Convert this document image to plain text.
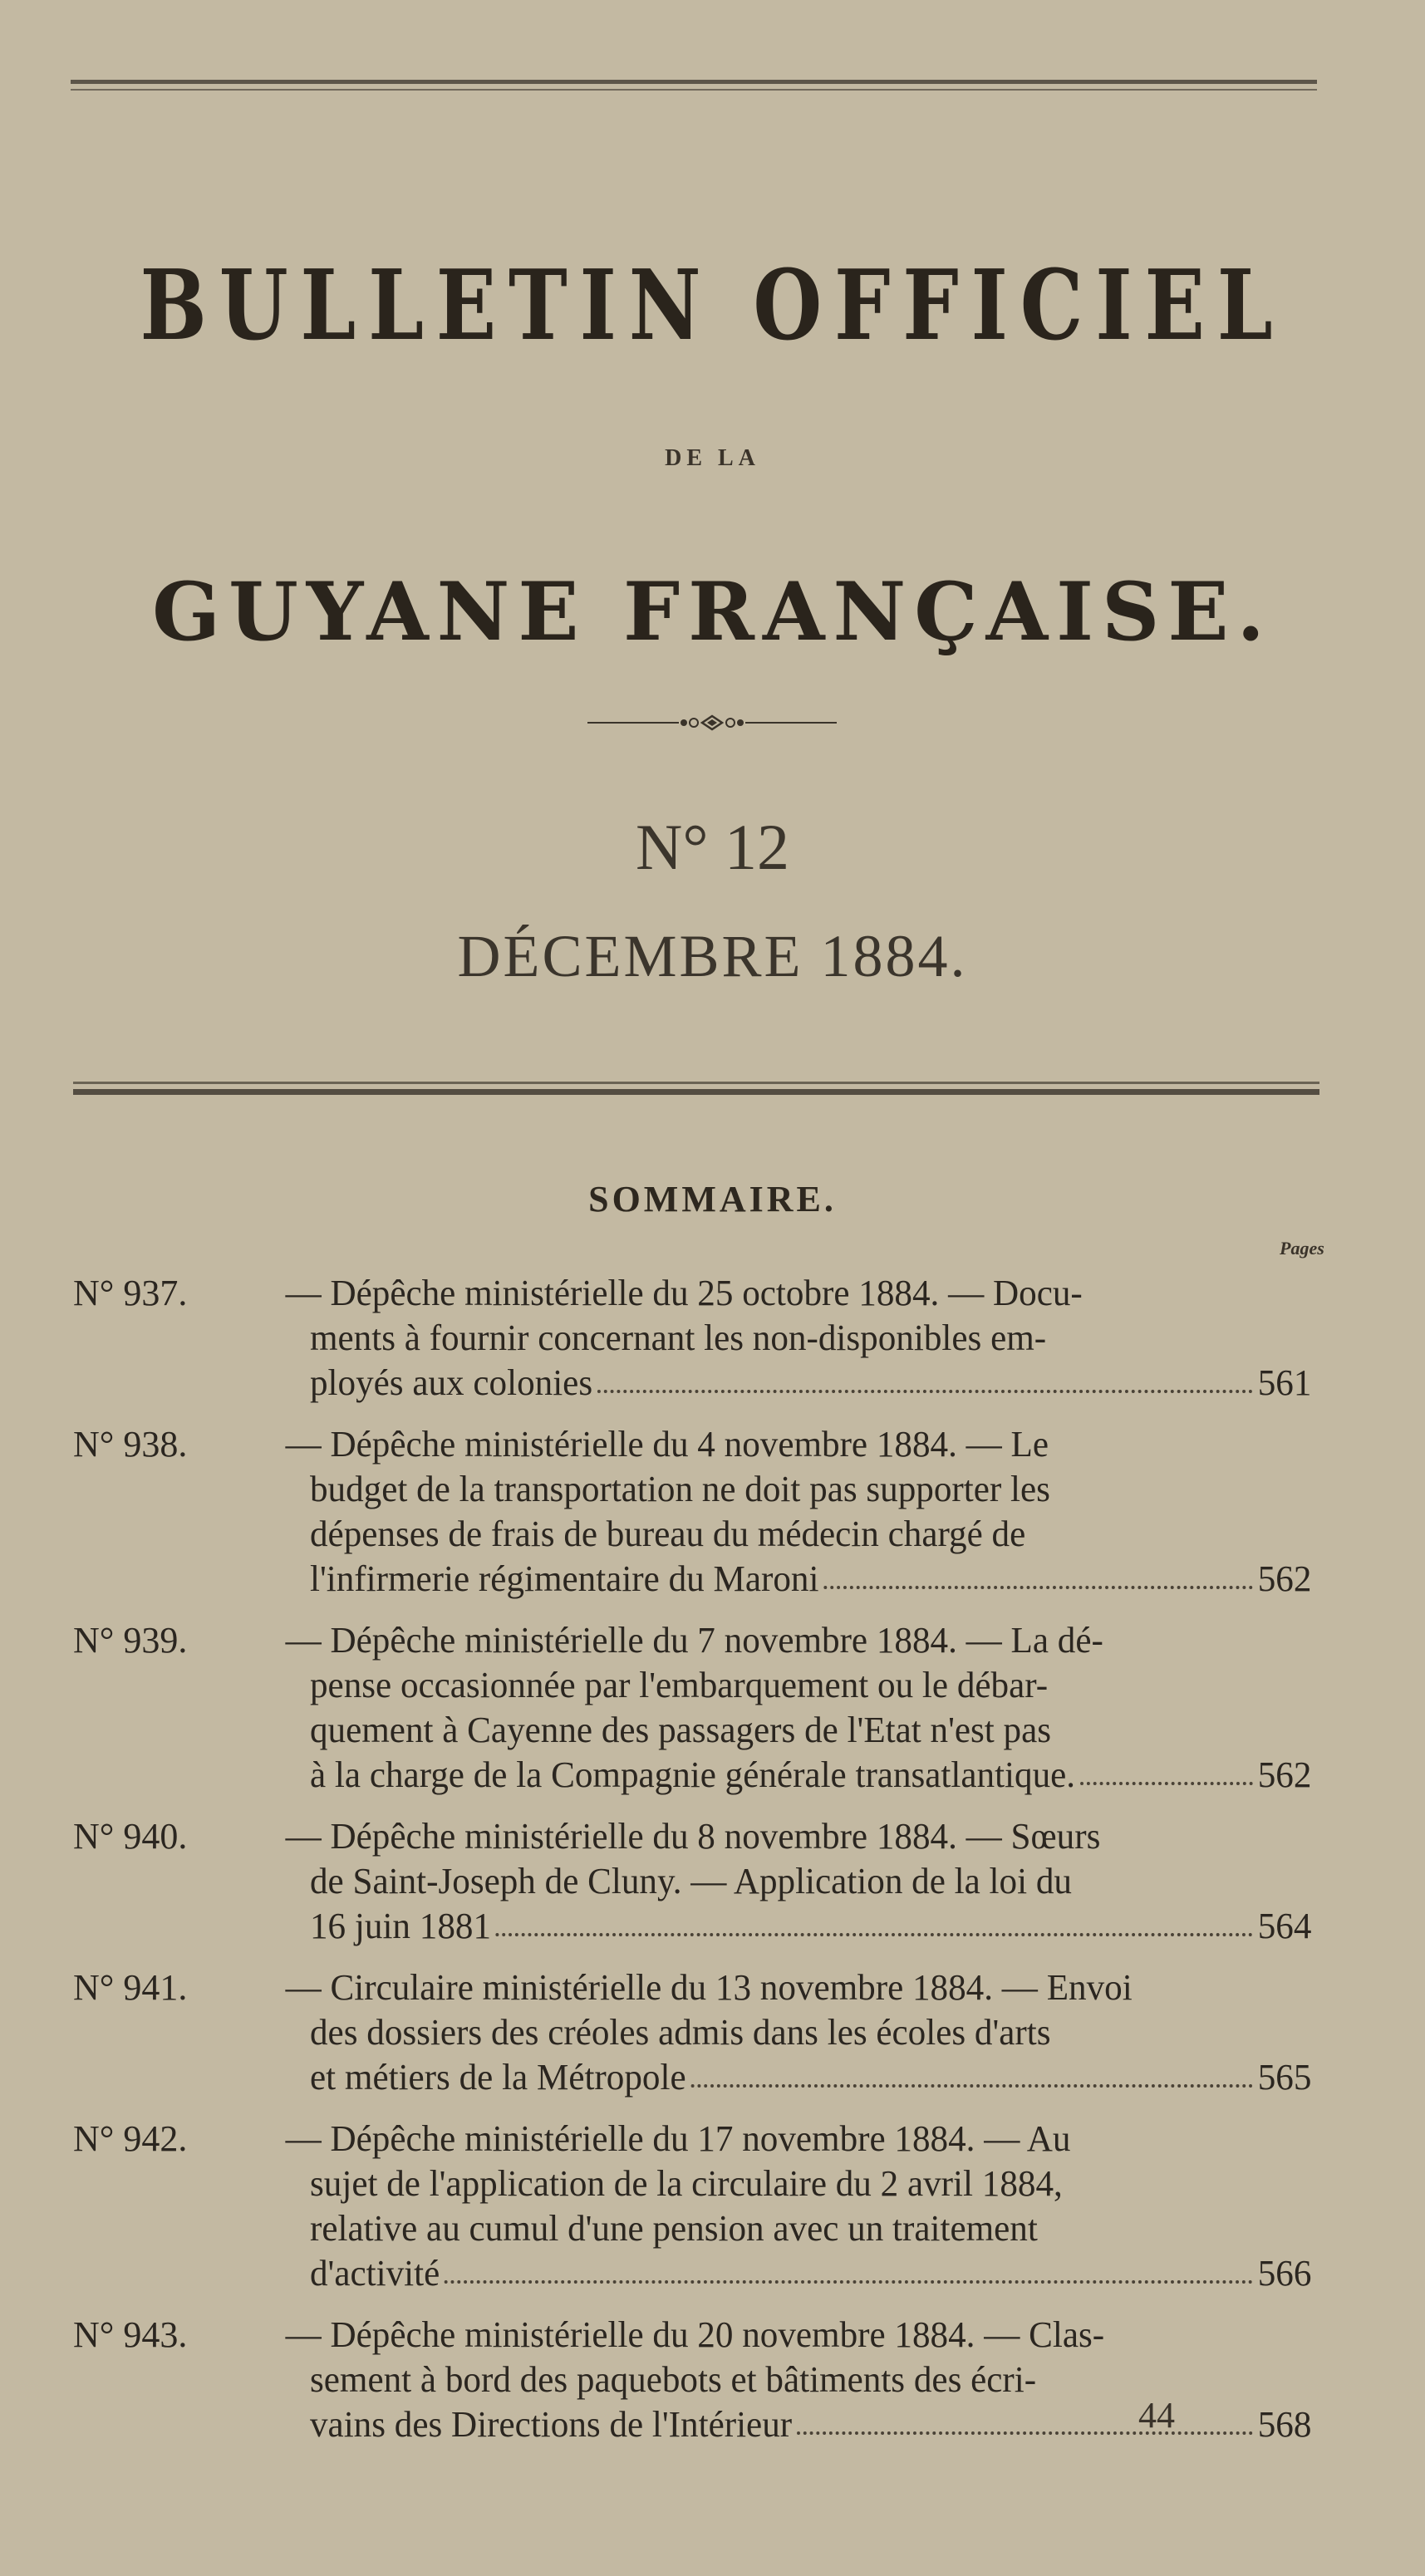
BULLETIN OFFICIEL
DE LA
GUYANE FRANÇAISE.
N° 12
DÉCEMBRE 1884.
SOMMAIRE.
Pages
N° 937.	— Dépêche ministérielle du 25 octobre 1884. — Docu-
ments à fournir concernant les non-disponibles em-
ployés aux colonies	561
N° 938.	— Dépêche ministérielle du 4 novembre 1884. — Le
budget de la transportation ne doit pas supporter les
dépenses de frais de bureau du médecin chargé de
l'infirmerie régimentaire du Maroni	562
N° 939.	— Dépêche ministérielle du 7 novembre 1884. — La dé-
pense occasionnée par l'embarquement ou le débar-
quement à Cayenne des passagers de l'Etat n'est pas
à la charge de la Compagnie générale transatlantique.	562
N° 940.	— Dépêche ministérielle du 8 novembre 1884. — Sœurs
de Saint-Joseph de Cluny. — Application de la loi du
16 juin 1881	564
N° 941.	— Circulaire ministérielle du 13 novembre 1884. — Envoi
des dossiers des créoles admis dans les écoles d'arts
et métiers de la Métropole	565
N° 942.	— Dépêche ministérielle du 17 novembre 1884. — Au
sujet de l'application de la circulaire du 2 avril 1884,
relative au cumul d'une pension avec un traitement
d'activité	566
N° 943.	— Dépêche ministérielle du 20 novembre 1884. — Clas-
sement à bord des paquebots et bâtiments des écri-
vains des Directions de l'Intérieur	568
44
